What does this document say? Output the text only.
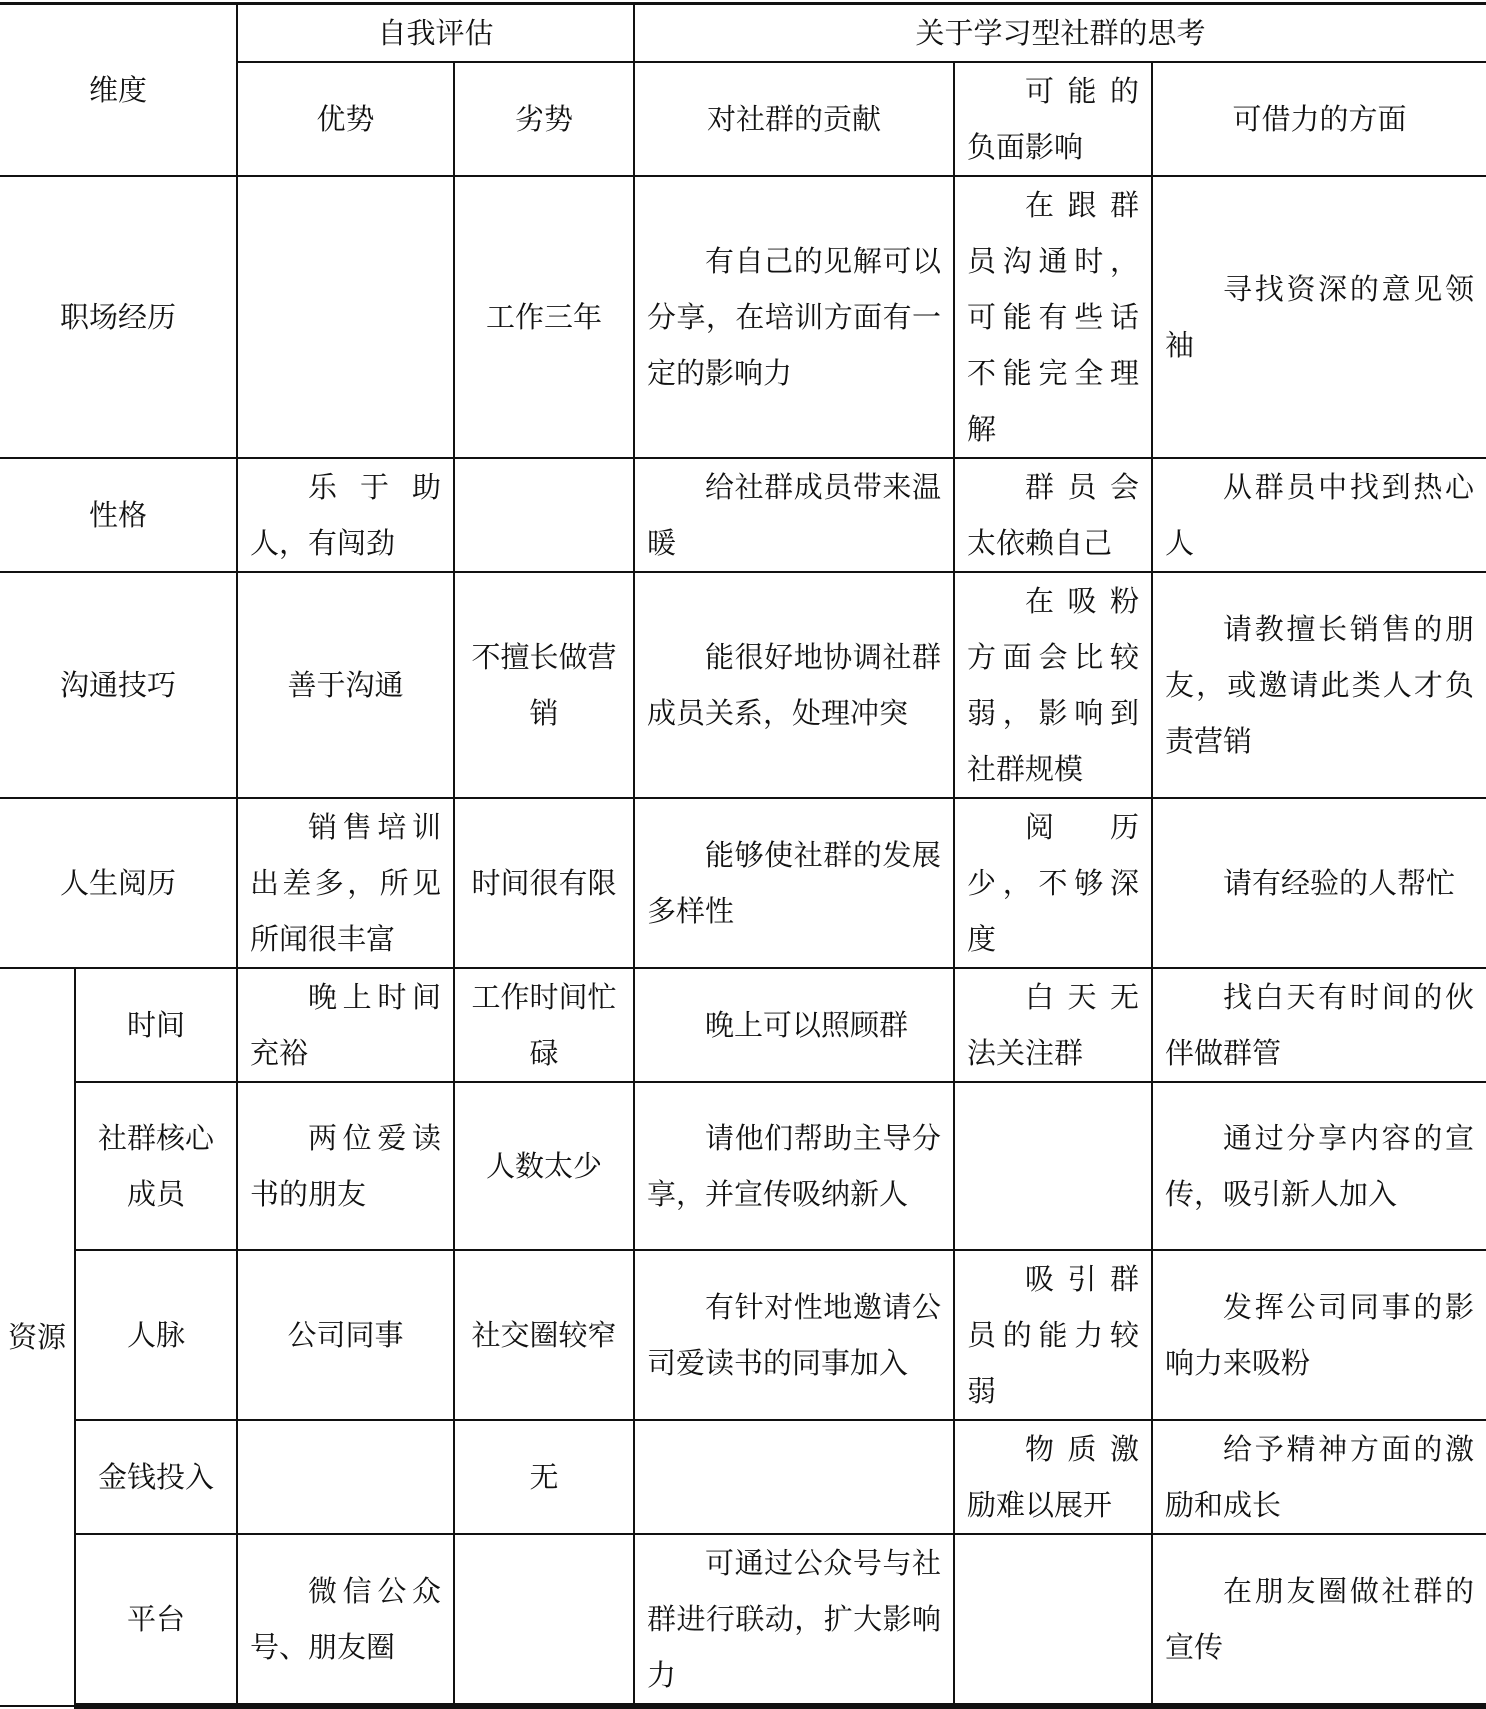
维度		自我评估		关于学习型社群的思考		
		优势	劣势	对社群的贡献	可能的负面影响	可借力的方面
职场经历			工作三年	有自己的见解可以分享，在培训方面有一定的影响力	在跟群员沟通时，可能有些话不能完全理解	寻找资深的意见领袖
性格		乐于助人，有闯劲		给社群成员带来温暖	群员会太依赖自己	从群员中找到热心人
沟通技巧		善于沟通	不擅长做营销	能很好地协调社群成员关系，处理冲突	在吸粉方面会比较弱，影响到社群规模	请教擅长销售的朋友，或邀请此类人才负责营销
人生阅历		销售培训出差多，所见所闻很丰富	时间很有限	能够使社群的发展多样性	阅历少，不够深度	请有经验的人帮忙
资源	时间	晚上时间充裕	工作时间忙碌	晚上可以照顾群	白天无法关注群	找白天有时间的伙伴做群管
	社群核心成员	两位爱读书的朋友	人数太少	请他们帮助主导分享，并宣传吸纳新人		通过分享内容的宣传，吸引新人加入
	人脉	公司同事	社交圈较窄	有针对性地邀请公司爱读书的同事加入	吸引群员的能力较弱	发挥公司同事的影响力来吸粉
	金钱投入		无		物质激励难以展开	给予精神方面的激励和成长
	平台	微信公众号、朋友圈		可通过公众号与社群进行联动，扩大影响力		在朋友圈做社群的宣传
